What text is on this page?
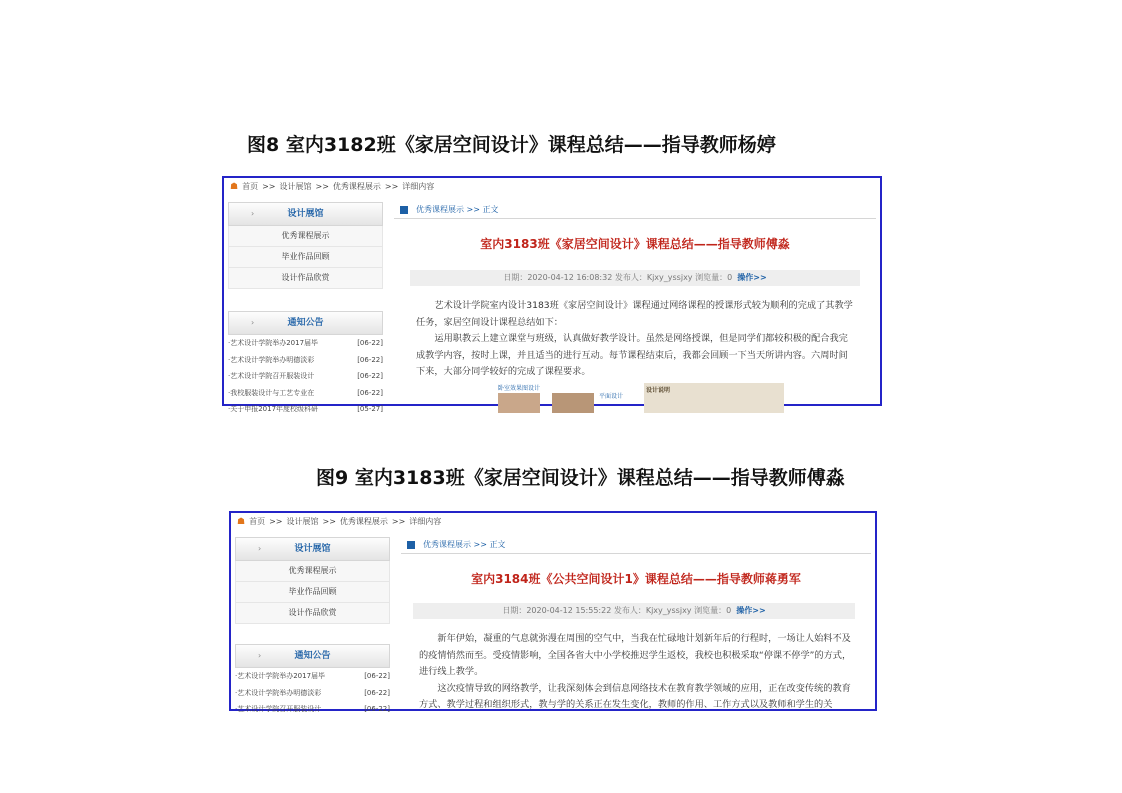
图8 室内3182班《家居空间设计》课程总结——指导教师杨婷
☗ 首页 >> 设计展馆 >> 优秀课程展示 >> 详细内容
›	设计展馆
优秀课程展示
毕业作品回顾
设计作品欣赏
›	通知公告
·艺术设计学院举办2017届毕	[06-22]
·艺术设计学院举办明德淡彩	[06-22]
·艺术设计学院召开服装设计	[06-22]
·我校服装设计与工艺专业在	[06-22]
·关于申报2017年度校级科研	[05-27]
优秀课程展示 >> 正文
室内3183班《家居空间设计》课程总结——指导教师傅淼
日期：2020-04-12 16:08:32 发布人：Kjxy_yssjxy 浏览量：0 操作>>

艺术设计学院室内设计3183班《家居空间设计》课程通过网络课程的授课形式较为顺利的完成了其教学任务，家居空间设计课程总结如下：

运用职教云上建立课堂与班级，认真做好教学设计。虽然是网络授课，但是同学们都较积极的配合我完成教学内容，按时上课，并且适当的进行互动。每节课程结束后，我都会回顾一下当天所讲内容。六周时间下来，大部分同学较好的完成了课程要求。

卧室效果图设计
平面设计
设计说明
图9 室内3183班《家居空间设计》课程总结——指导教师傅淼
☗ 首页 >> 设计展馆 >> 优秀课程展示 >> 详细内容
›	设计展馆
优秀课程展示
毕业作品回顾
设计作品欣赏
›	通知公告
·艺术设计学院举办2017届毕	[06-22]
·艺术设计学院举办明德淡彩	[06-22]
·艺术设计学院召开服装设计	[06-22]
优秀课程展示 >> 正文
室内3184班《公共空间设计1》课程总结——指导教师蒋勇军
日期：2020-04-12 15:55:22 发布人：Kjxy_yssjxy 浏览量：0 操作>>

新年伊始，凝重的气息就弥漫在周围的空气中，当我在忙碌地计划新年后的行程时，一场让人始料不及的疫情悄然而至。受疫情影响，全国各省大中小学校推迟学生返校，我校也积极采取“停课不停学”的方式，进行线上教学。

这次疫情导致的网络教学，让我深刻体会到信息网络技术在教育教学领域的应用，正在改变传统的教育方式、教学过程和组织形式，教与学的关系正在发生变化，教师的作用、工作方式以及教师和学生的关
